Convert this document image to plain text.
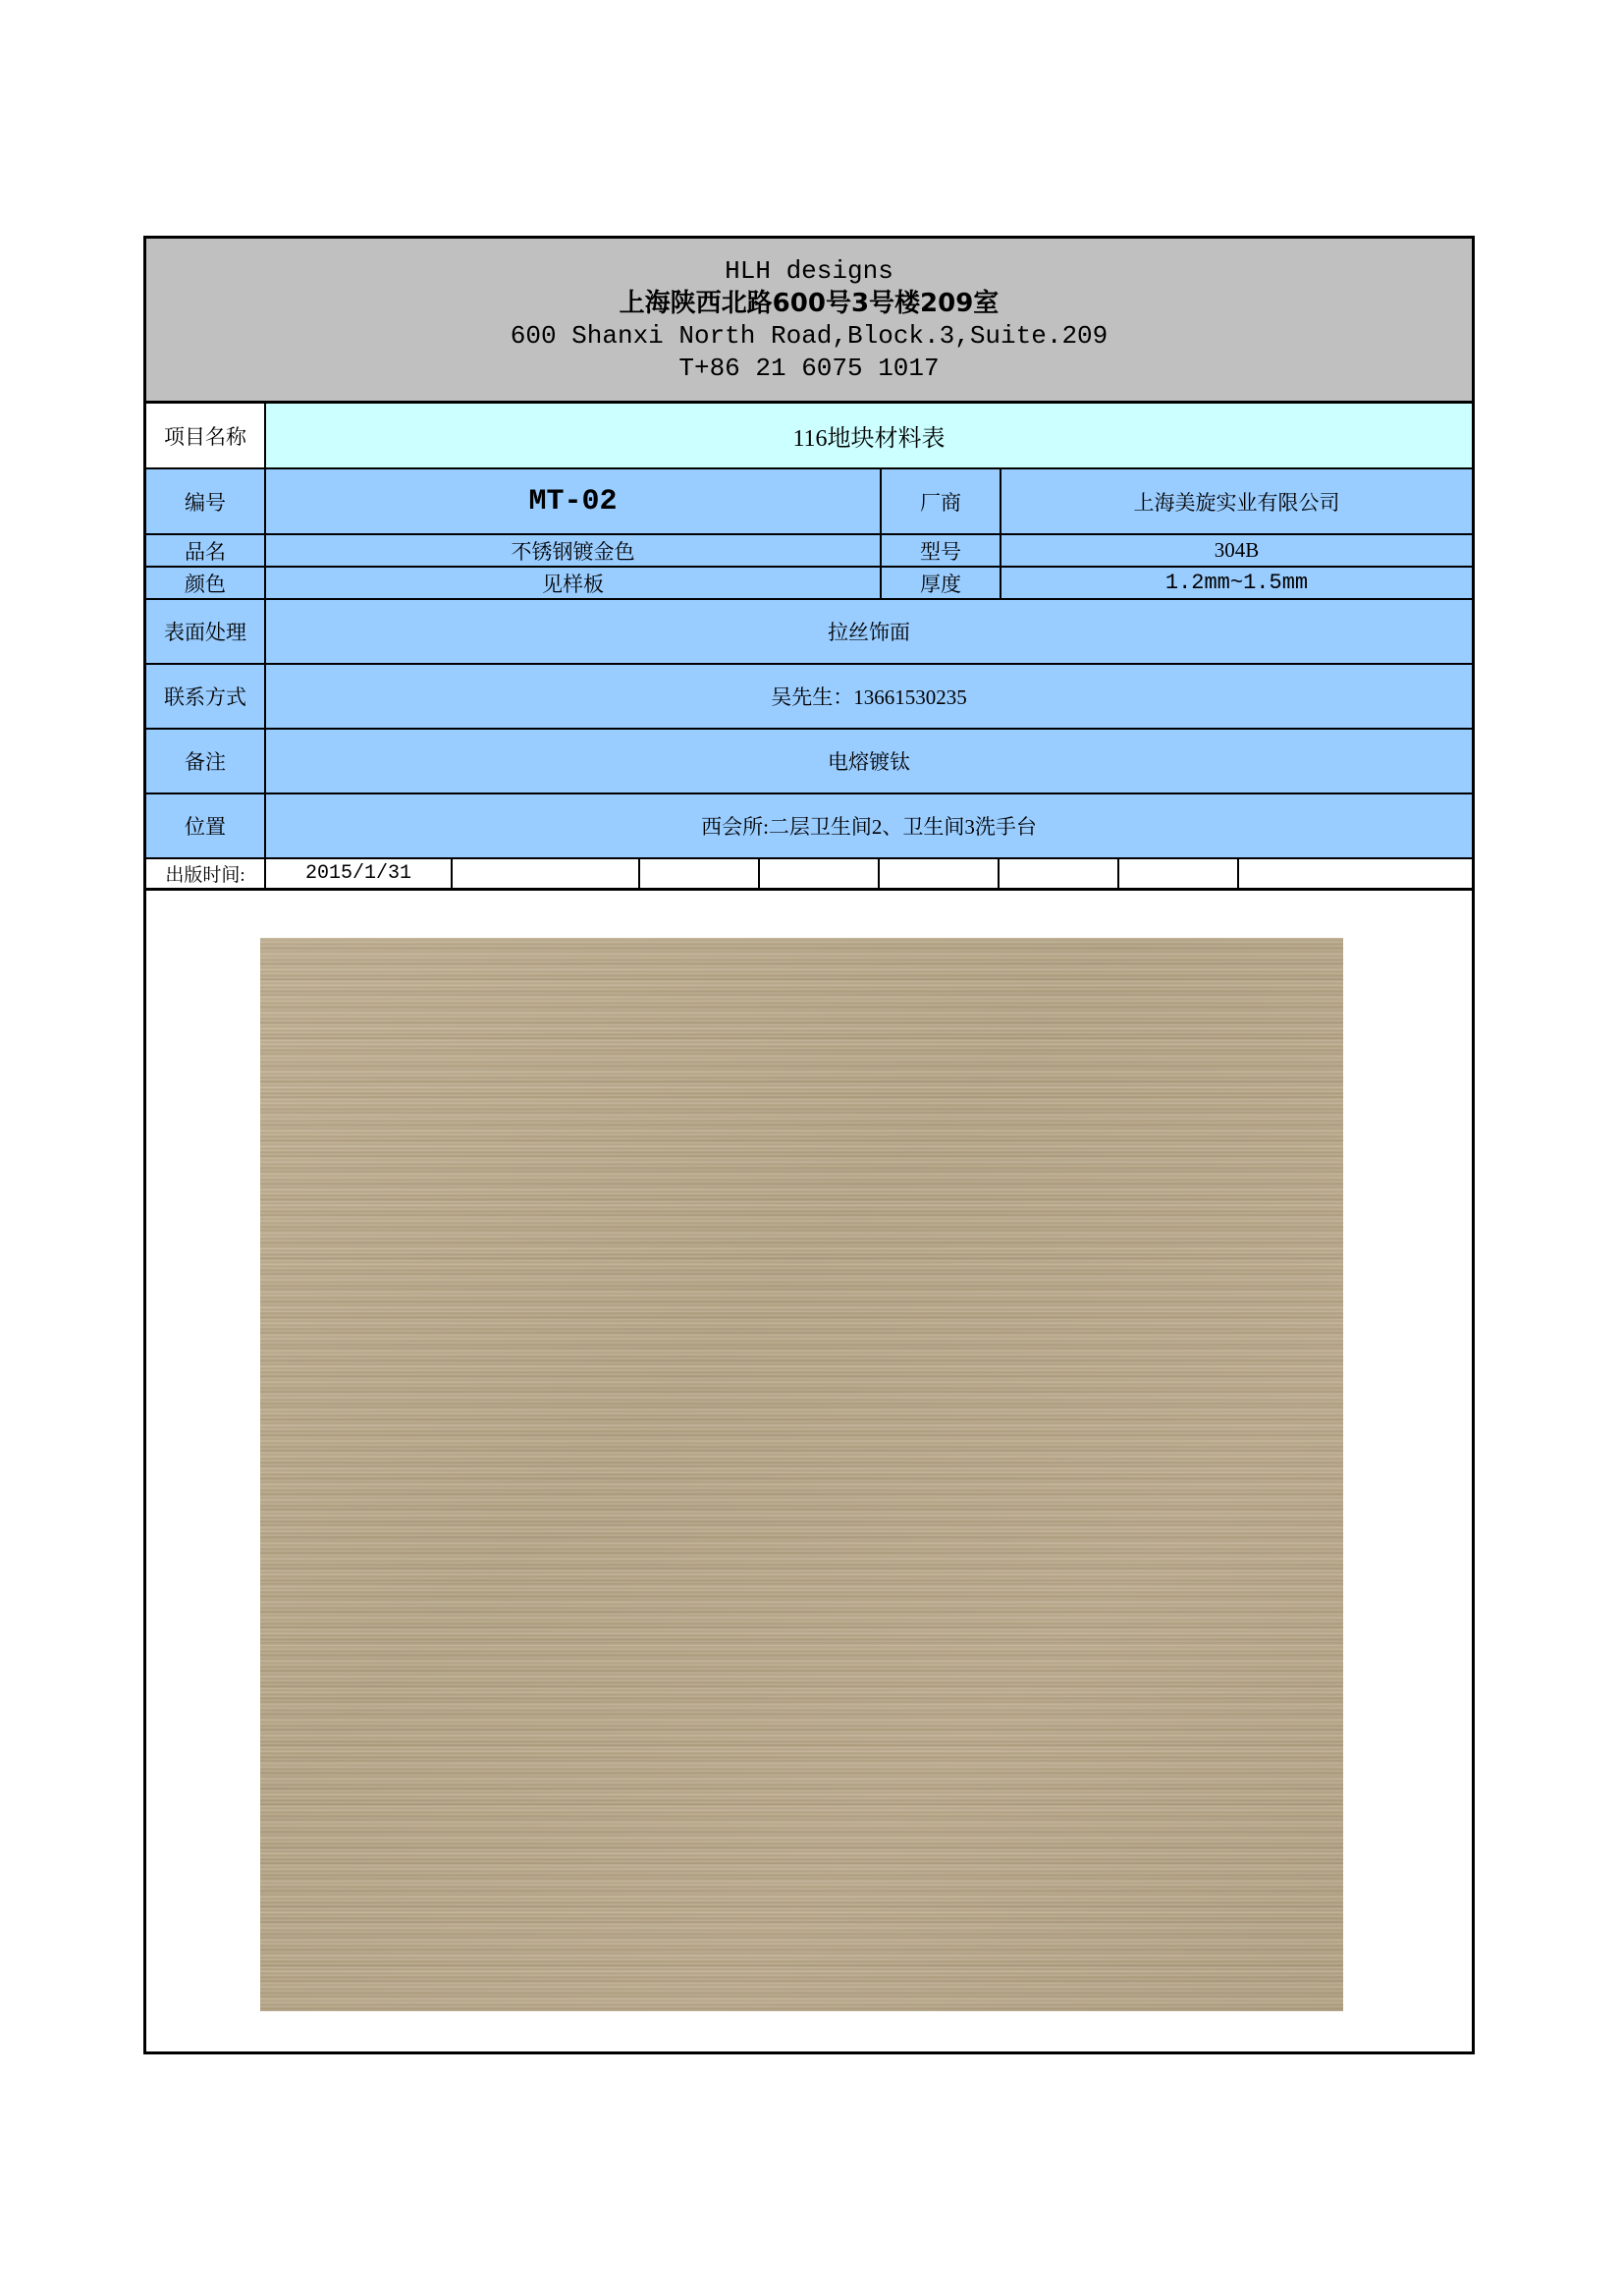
HLH designs
上海陕西北路600号3号楼209室
600 Shanxi North Road,Block.3,Suite.209
T+86 21 6075 1017
项目名称	116地块材料表
编号	MT-02	厂商	上海美旋实业有限公司
品名	不锈钢镀金色	型号	304B
颜色	见样板	厚度	1.2mm~1.5mm
表面处理	拉丝饰面
联系方式	吴先生：13661530235
备注	电熔镀钛
位置	西会所:二层卫生间2、卫生间3洗手台
出版时间:	2015/1/31
